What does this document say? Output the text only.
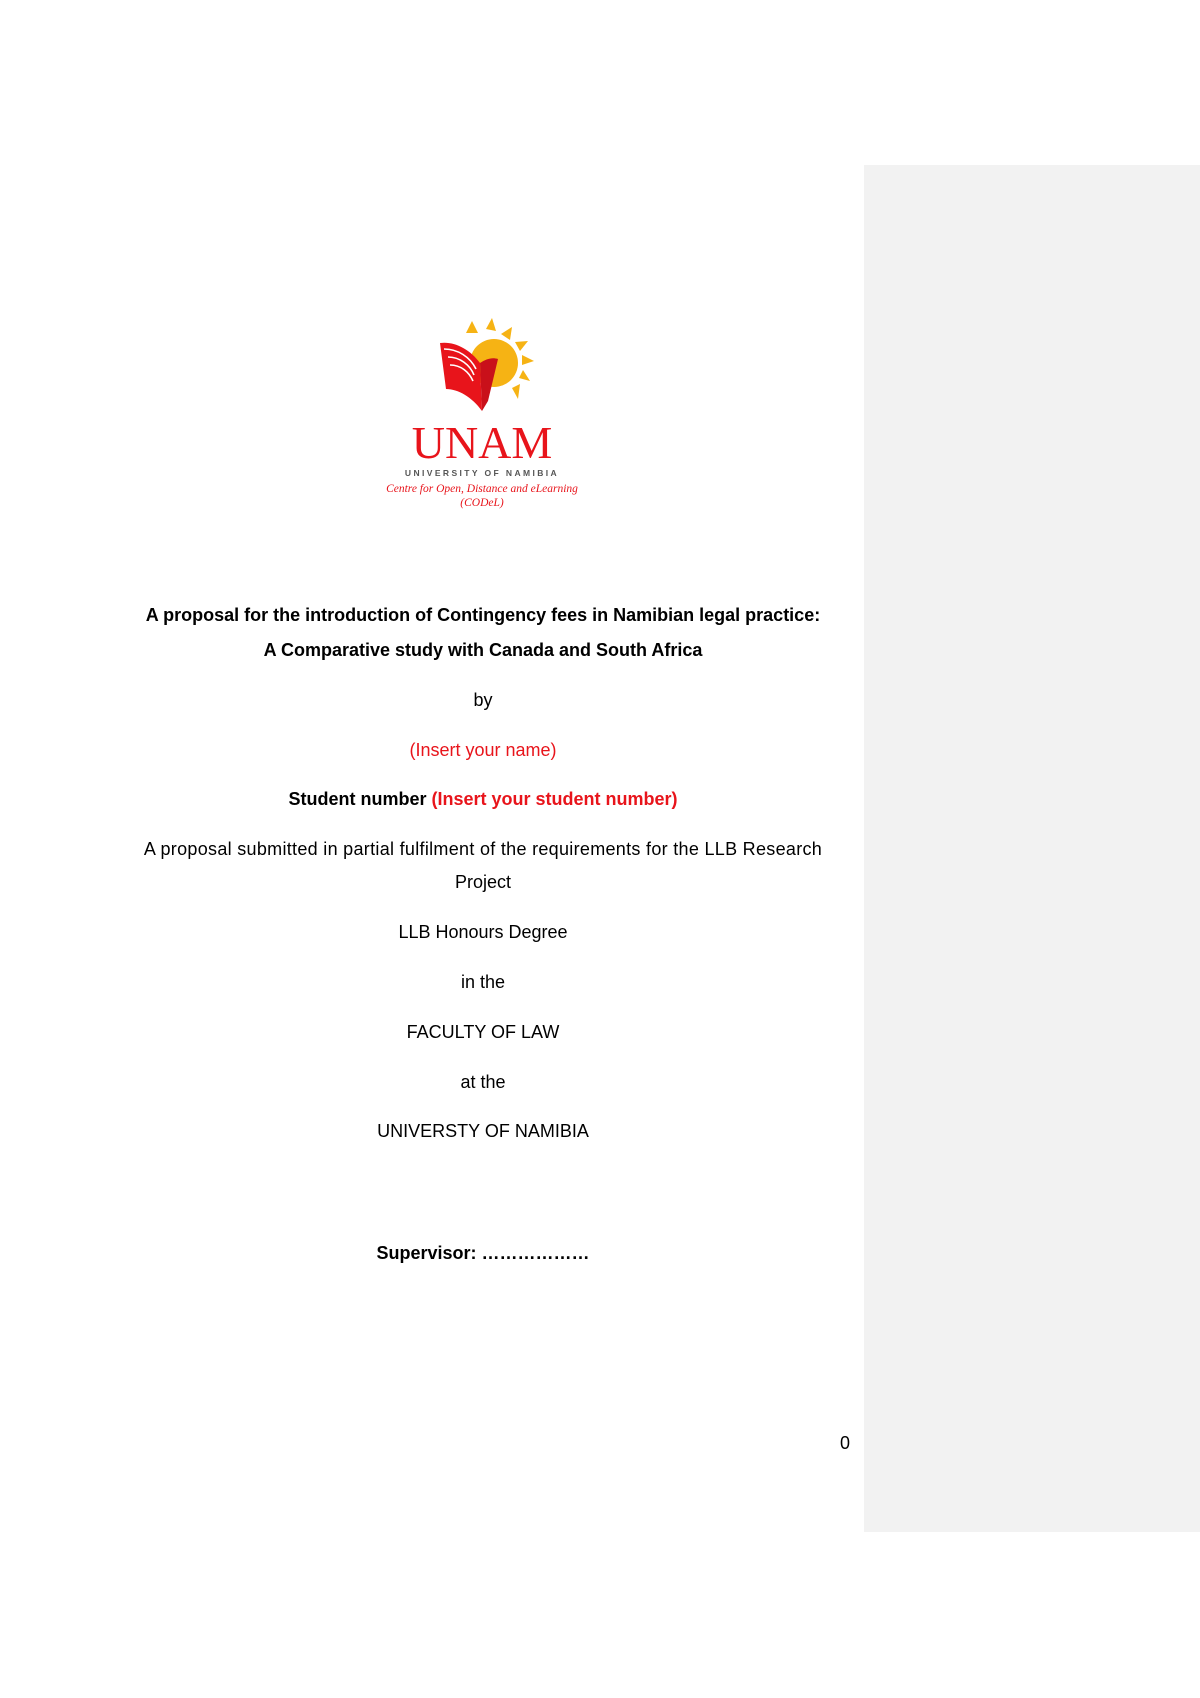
UNAM
UNIVERSITY OF NAMIBIA
Centre for Open, Distance and eLearning
(CODeL)
A proposal for the introduction of Contingency fees in Namibian legal practice:
A Comparative study with Canada and South Africa
by
(Insert your name)
Student number (Insert your student number)
A proposal submitted in partial fulfilment of the requirements for the LLB Research
Project
LLB Honours Degree
in the
FACULTY OF LAW
at the
UNIVERSTY OF NAMIBIA
Supervisor: ………………
0
